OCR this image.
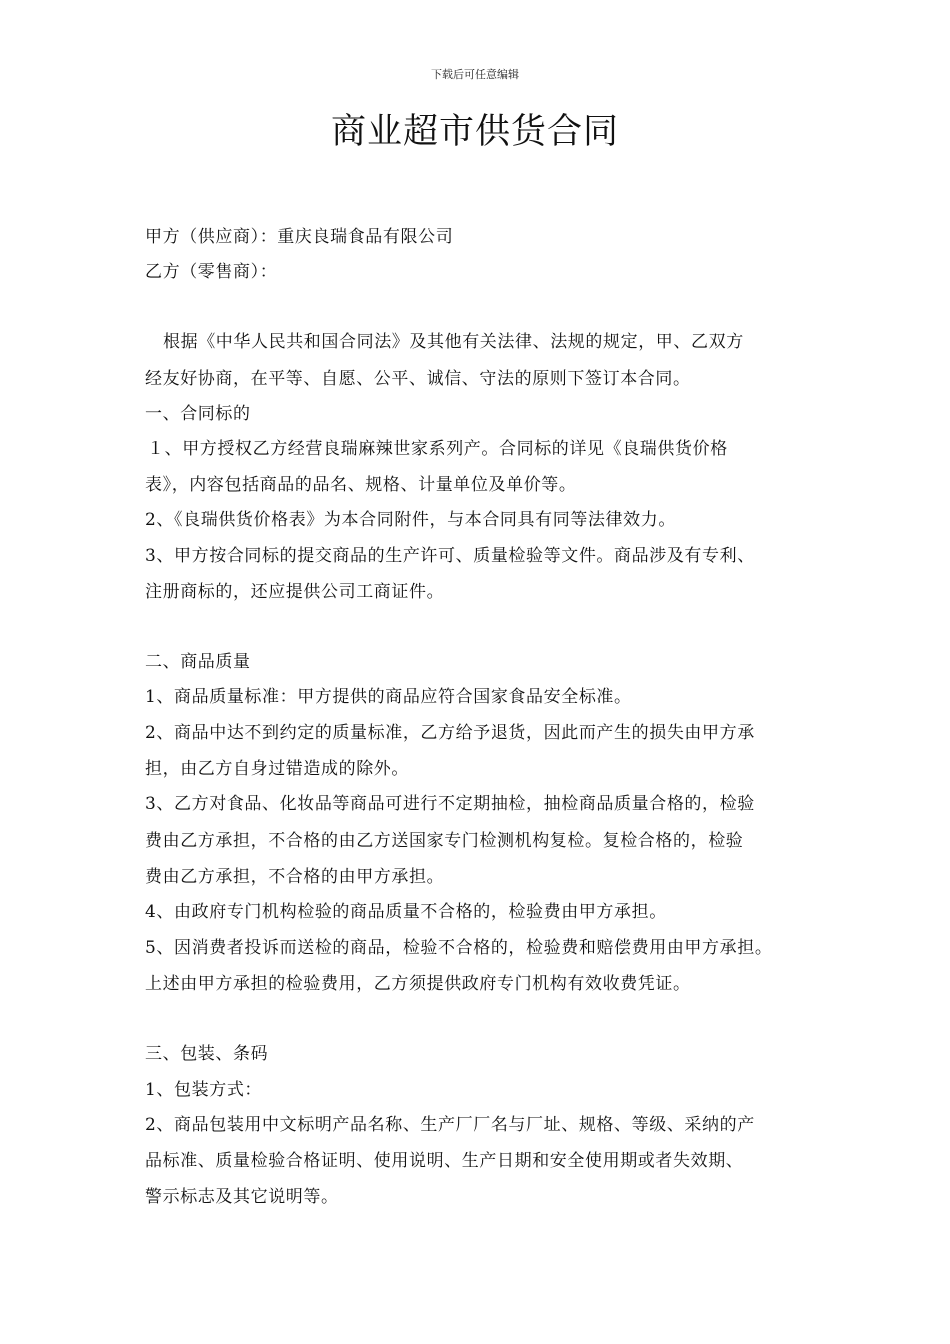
下载后可任意编辑
商业超市供货合同
甲方（供应商）：重庆良瑞食品有限公司
乙方（零售商）：
根据《中华人民共和国合同法》及其他有关法律、法规的规定，甲、乙双方
经友好协商，在平等、自愿、公平、诚信、守法的原则下签订本合同。
一、合同标的
１、甲方授权乙方经营良瑞麻辣世家系列产。合同标的详见《良瑞供货价格
表》，内容包括商品的品名、规格、计量单位及单价等。
2、《良瑞供货价格表》为本合同附件，与本合同具有同等法律效力。
3、甲方按合同标的提交商品的生产许可、质量检验等文件。商品涉及有专利、
注册商标的，还应提供公司工商证件。
二、商品质量
1、商品质量标准：甲方提供的商品应符合国家食品安全标准。
2、商品中达不到约定的质量标准，乙方给予退货，因此而产生的损失由甲方承
担，由乙方自身过错造成的除外。
3、乙方对食品、化妆品等商品可进行不定期抽检，抽检商品质量合格的，检验
费由乙方承担，不合格的由乙方送国家专门检测机构复检。复检合格的，检验
费由乙方承担，不合格的由甲方承担。
4、由政府专门机构检验的商品质量不合格的，检验费由甲方承担。
5、因消费者投诉而送检的商品，检验不合格的，检验费和赔偿费用由甲方承担。
上述由甲方承担的检验费用，乙方须提供政府专门机构有效收费凭证。
三、包装、条码
1、包装方式：
2、商品包装用中文标明产品名称、生产厂厂名与厂址、规格、等级、采纳的产
品标准、质量检验合格证明、使用说明、生产日期和安全使用期或者失效期、
警示标志及其它说明等。
